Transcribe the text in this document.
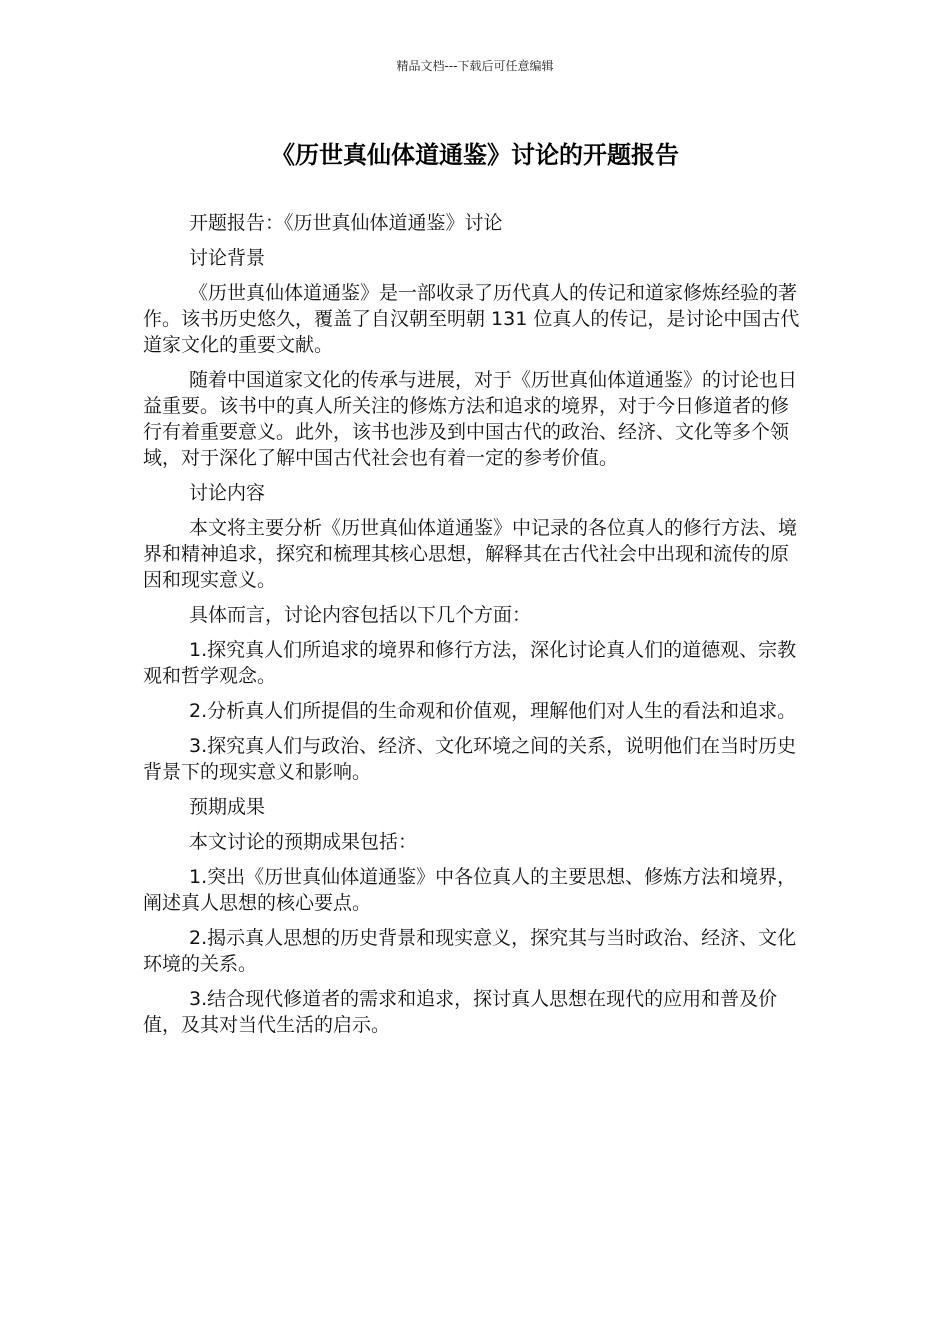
精品文档---下载后可任意编辑
《历世真仙体道通鉴》讨论的开题报告

开题报告：《历世真仙体道通鉴》讨论

讨论背景

《历世真仙体道通鉴》是一部收录了历代真人的传记和道家修炼经验的著作。该书历史悠久，覆盖了自汉朝至明朝 131 位真人的传记，是讨论中国古代道家文化的重要文献。

随着中国道家文化的传承与进展，对于《历世真仙体道通鉴》的讨论也日益重要。该书中的真人所关注的修炼方法和追求的境界，对于今日修道者的修行有着重要意义。此外，该书也涉及到中国古代的政治、经济、文化等多个领域，对于深化了解中国古代社会也有着一定的参考价值。

讨论内容

本文将主要分析《历世真仙体道通鉴》中记录的各位真人的修行方法、境界和精神追求，探究和梳理其核心思想，解释其在古代社会中出现和流传的原因和现实意义。

具体而言，讨论内容包括以下几个方面：

1.探究真人们所追求的境界和修行方法，深化讨论真人们的道德观、宗教观和哲学观念。

2.分析真人们所提倡的生命观和价值观，理解他们对人生的看法和追求。

3.探究真人们与政治、经济、文化环境之间的关系，说明他们在当时历史背景下的现实意义和影响。

预期成果

本文讨论的预期成果包括：

1.突出《历世真仙体道通鉴》中各位真人的主要思想、修炼方法和境界，阐述真人思想的核心要点。

2.揭示真人思想的历史背景和现实意义，探究其与当时政治、经济、文化环境的关系。

3.结合现代修道者的需求和追求，探讨真人思想在现代的应用和普及价值，及其对当代生活的启示。
